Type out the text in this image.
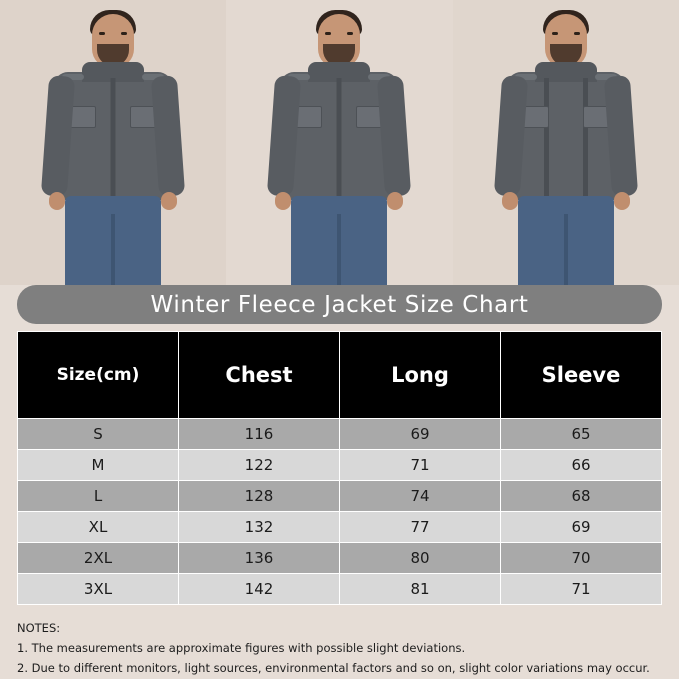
Winter Fleece Jacket Size Chart
Size(cm)	Chest	Long	Sleeve
S	116	69	65
M	122	71	66
L	128	74	68
XL	132	77	69
2XL	136	80	70
3XL	142	81	71
NOTES:
1. The measurements are approximate figures with possible slight deviations.
2. Due to different monitors, light sources, environmental factors and so on, slight color variations may occur.
